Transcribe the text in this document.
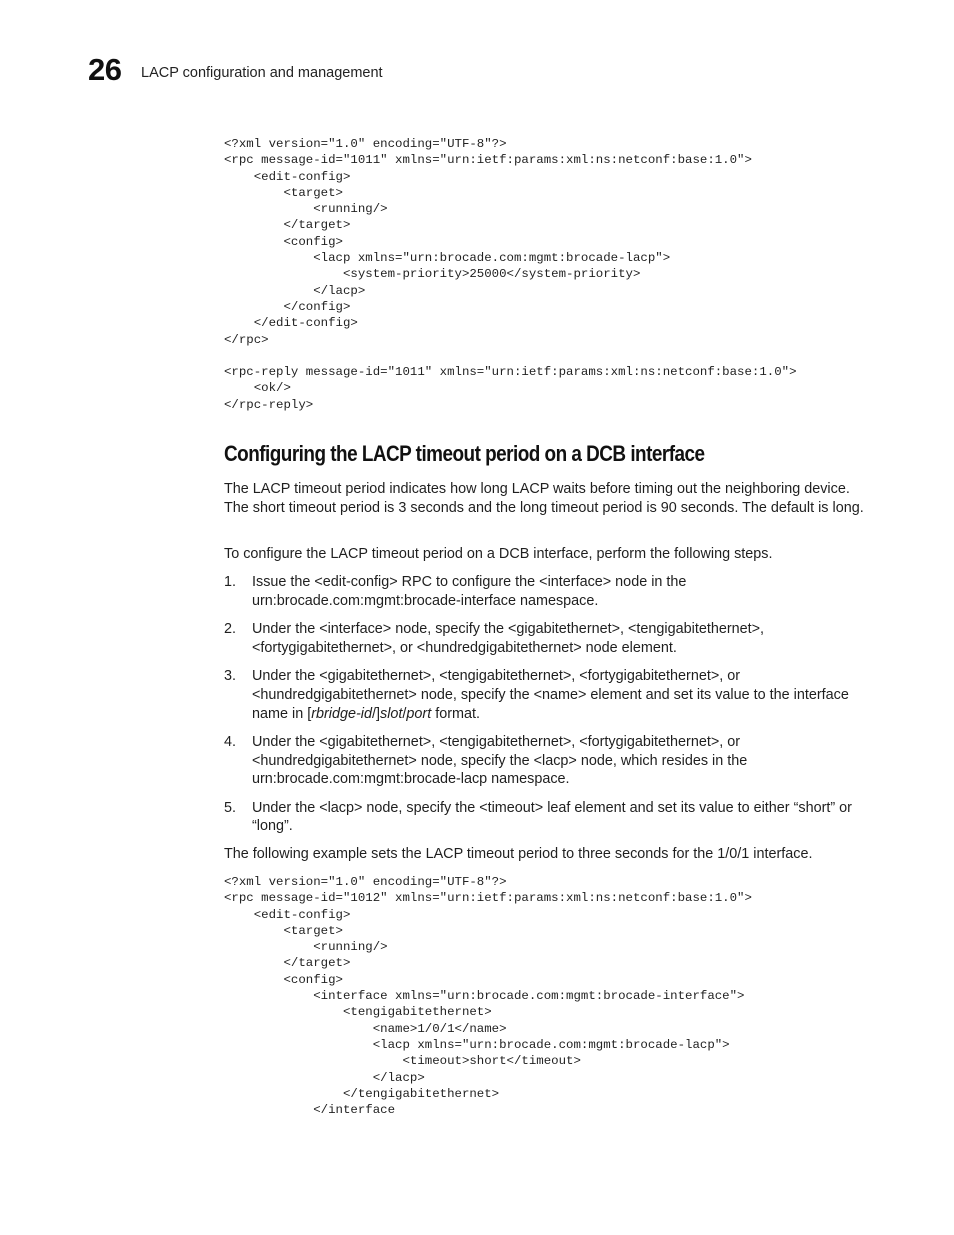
26 LACP configuration and management
<?xml version="1.0" encoding="UTF-8"?>
<rpc message-id="1011" xmlns="urn:ietf:params:xml:ns:netconf:base:1.0">
<edit-config>
<target>
<running/>
</target>
<config>
<lacp xmlns="urn:brocade.com:mgmt:brocade-lacp">
<system-priority>25000</system-priority>
</lacp>
</config>
</edit-config>
</rpc>

<rpc-reply message-id="1011" xmlns="urn:ietf:params:xml:ns:netconf:base:1.0">
<ok/>
</rpc-reply>
Configuring the LACP timeout period on a DCB interface

The LACP timeout period indicates how long LACP waits before timing out the neighboring device. The short timeout period is 3 seconds and the long timeout period is 90 seconds. The default is long.

To configure the LACP timeout period on a DCB interface, perform the following steps.

1. Issue the <edit-config> RPC to configure the <interface> node in the urn:brocade.com:mgmt:brocade-interface namespace.
2. Under the <interface> node, specify the <gigabitethernet>, <tengigabitethernet>, <fortygigabitethernet>, or <hundredgigabitethernet> node element.
3. Under the <gigabitethernet>, <tengigabitethernet>, <fortygigabitethernet>, or <hundredgigabitethernet> node, specify the <name> element and set its value to the interface name in [rbridge-id/]slot/port format.
4. Under the <gigabitethernet>, <tengigabitethernet>, <fortygigabitethernet>, or <hundredgigabitethernet> node, specify the <lacp> node, which resides in the urn:brocade.com:mgmt:brocade-lacp namespace.
5. Under the <lacp> node, specify the <timeout> leaf element and set its value to either “short” or “long”.

The following example sets the LACP timeout period to three seconds for the 1/0/1 interface.

<?xml version="1.0" encoding="UTF-8"?>
<rpc message-id="1012" xmlns="urn:ietf:params:xml:ns:netconf:base:1.0">
<edit-config>
<target>
<running/>
</target>
<config>
<interface xmlns="urn:brocade.com:mgmt:brocade-interface">
<tengigabitethernet>
<name>1/0/1</name>
<lacp xmlns="urn:brocade.com:mgmt:brocade-lacp">
<timeout>short</timeout>
</lacp>
</tengigabitethernet>
</interface
